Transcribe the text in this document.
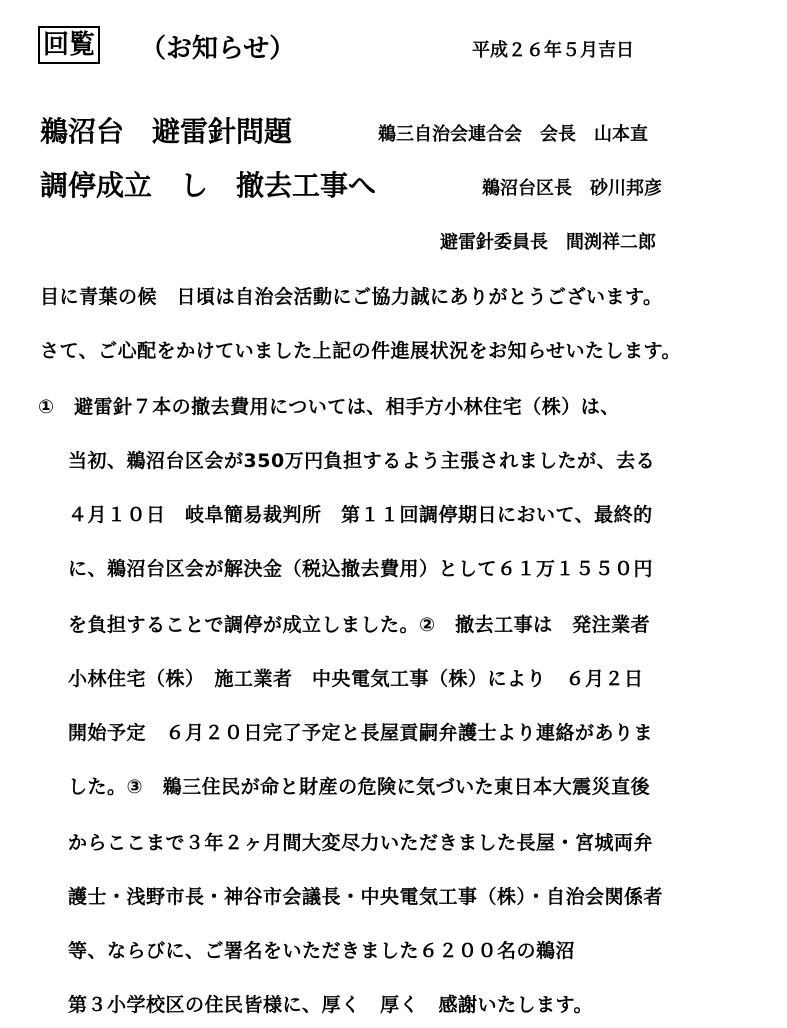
回覧 （お知らせ）	平成２６年５月吉日
鵜沼台　避雷針問題	鵜三自治会連合会　会長　山本直
調停成立　し　撤去工事へ	鵜沼台区長　砂川邦彦
避雷針委員長　間渕祥二郎
目に青葉の候　日頃は自治会活動にご協力誠にありがとうございます。
さて、ご心配をかけていました上記の件進展状況をお知らせいたします。
①　避雷針７本の撤去費用については、相手方小林住宅（株）は、
当初、鵜沼台区会が350万円負担するよう主張されましたが、去る
４月１０日　岐阜簡易裁判所　第１１回調停期日において、最終的
に、鵜沼台区会が解決金（税込撤去費用）として６１万１５５０円
を負担することで調停が成立しました。②　撤去工事は　発注業者
小林住宅（株）　施工業者　中央電気工事（株）により　６月２日
開始予定　６月２０日完了予定と長屋貢嗣弁護士より連絡がありま
した。③　鵜三住民が命と財産の危険に気づいた東日本大震災直後
からここまで３年２ヶ月間大変尽力いただきました長屋・宮城両弁
護士・浅野市長・神谷市会議長・中央電気工事（株）・自治会関係者
等、ならびに、ご署名をいただきました６２００名の鵜沼
第３小学校区の住民皆様に、厚く　厚く　感謝いたします。
